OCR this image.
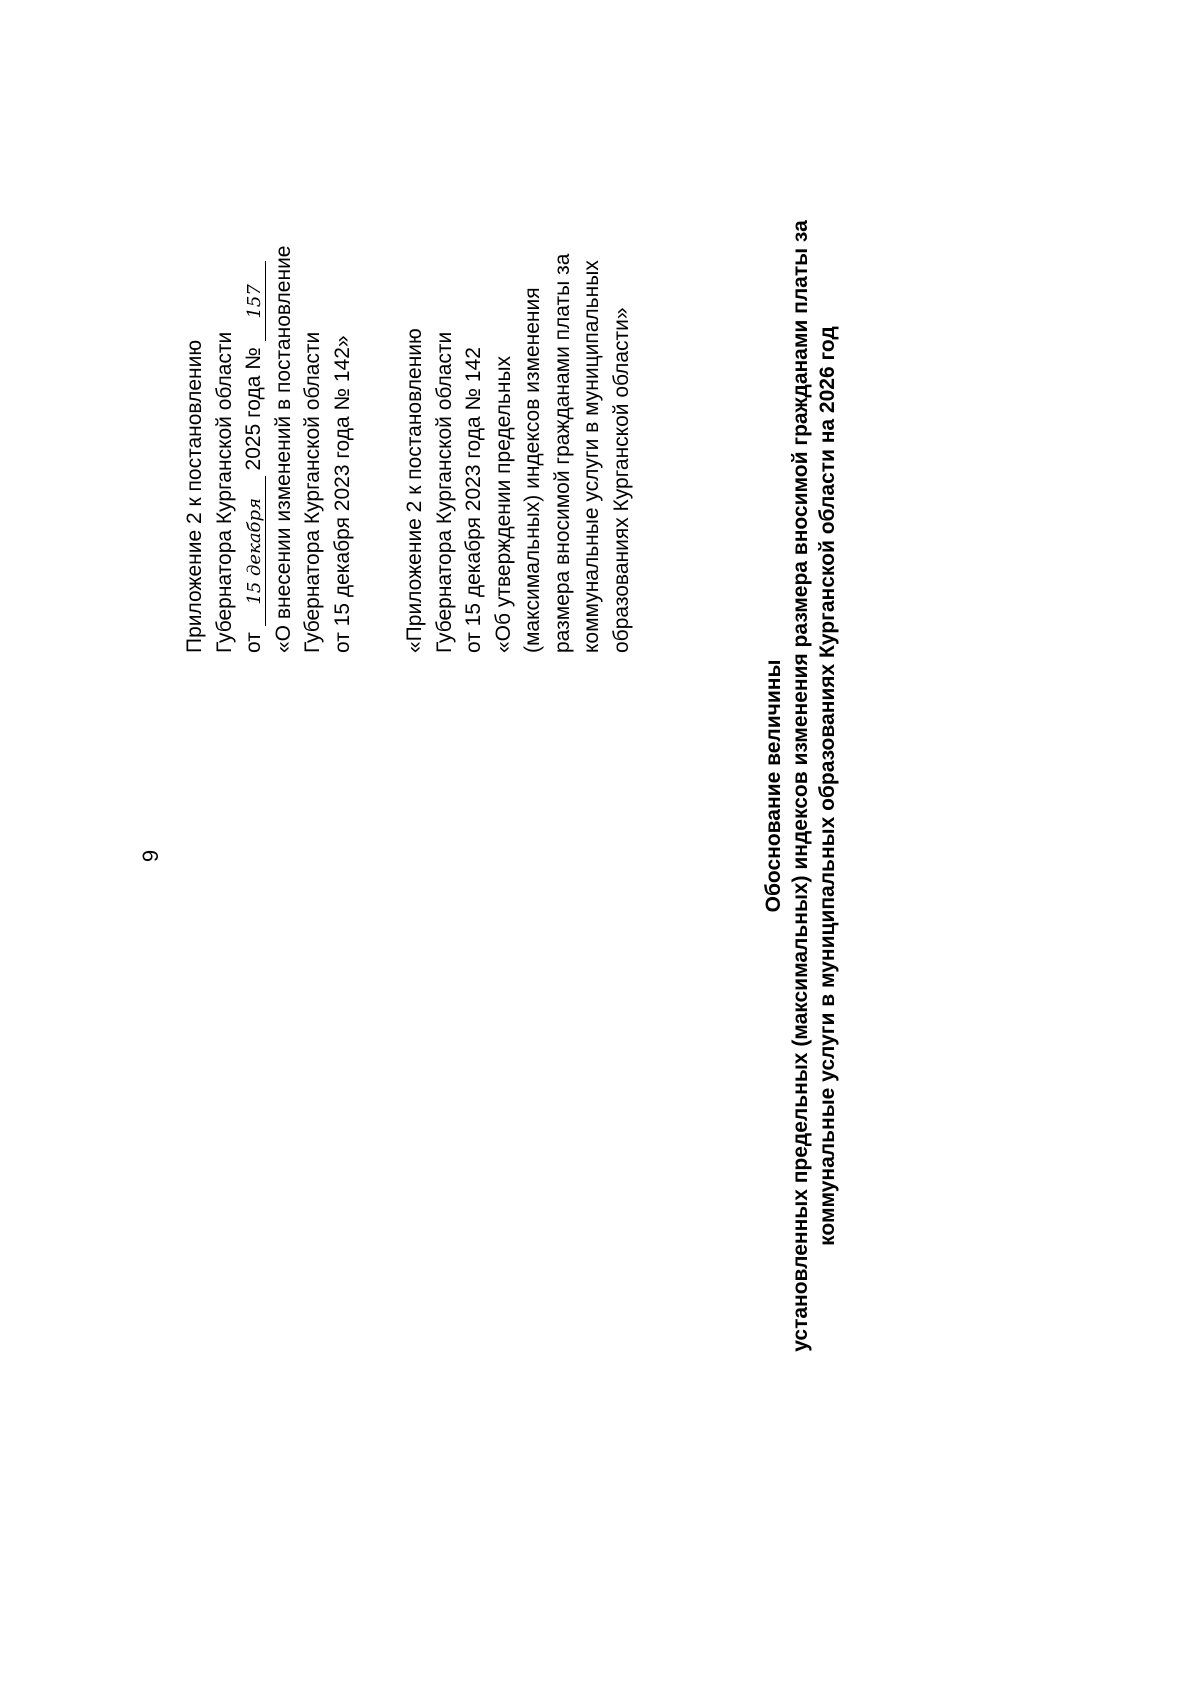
9
Приложение 2 к постановлению Губернатора Курганской области от 15 декабря 2025 года № 157 «О внесении изменений в постановление Губернатора Курганской области от 15 декабря 2023 года № 142» «Приложение 2 к постановлению Губернатора Курганской области от 15 декабря 2023 года № 142 «Об утверждении предельных (максимальных) индексов изменения размера вносимой гражданами платы за коммунальные услуги в муниципальных образованиях Курганской области»
Обоснование величины установленных предельных (максимальных) индексов изменения размера вносимой гражданами платы за коммунальные услуги в муниципальных образованиях Курганской области на 2026 год
